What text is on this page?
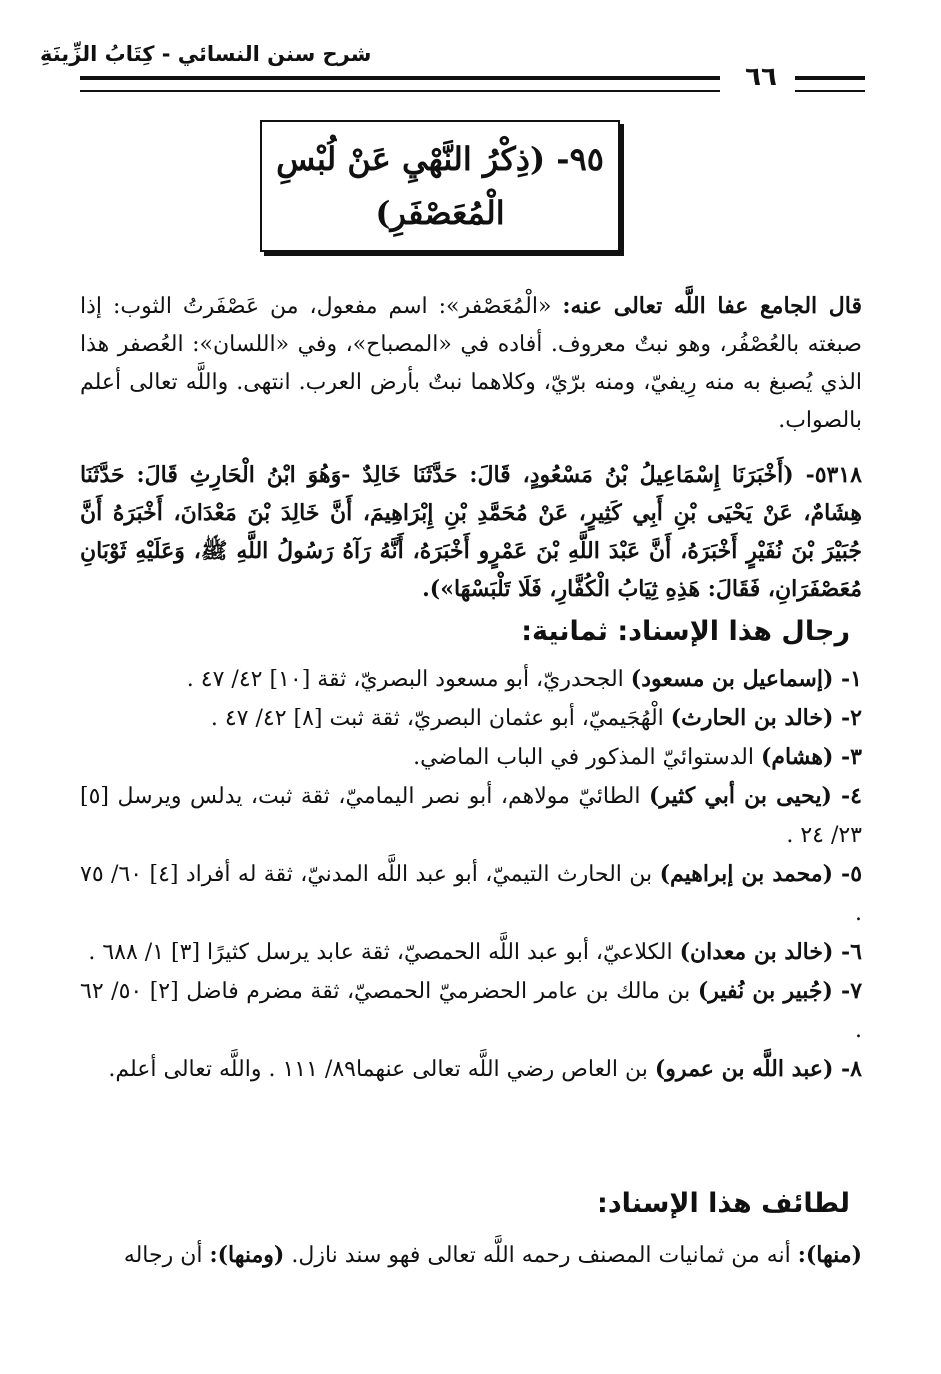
شرح سنن النسائي - كِتَابُ الزِّينَةِ
٦٦
٩٥- (ذِكْرُ النَّهْيِ عَنْ لُبْسِ
الْمُعَصْفَرِ)
قال الجامع عفا اللَّه تعالى عنه: «الْمُعَصْفر»: اسم مفعول، من عَصْفَرتُ الثوب: إذا صبغته بالعُصْفُر، وهو نبتٌ معروف. أفاده في «المصباح»، وفي «اللسان»: العُصفر هذا الذي يُصبغ به منه رِيفيّ، ومنه برّيّ، وكلاهما نبتٌ بأرض العرب. انتهى. واللَّه تعالى أعلم بالصواب.
٥٣١٨- (أَخْبَرَنَا إِسْمَاعِيلُ بْنُ مَسْعُودٍ، قَالَ: حَدَّثَنَا خَالِدٌ -وَهُوَ ابْنُ الْحَارِثِ قَالَ: حَدَّثَنَا هِشَامٌ، عَنْ يَحْيَى بْنِ أَبِي كَثِيرٍ، عَنْ مُحَمَّدِ بْنِ إِبْرَاهِيمَ، أَنَّ خَالِدَ بْنَ مَعْدَانَ، أَخْبَرَهُ أَنَّ جُبَيْرَ بْنَ نُفَيْرٍ أَخْبَرَهُ، أَنَّ عَبْدَ اللَّهِ بْنَ عَمْرٍو أَخْبَرَهُ، أَنَّهُ رَآهُ رَسُولُ اللَّهِ ﷺ، وَعَلَيْهِ ثَوْبَانِ مُعَصْفَرَانِ، فَقَالَ: هَذِهِ ثِيَابُ الْكُفَّارِ، فَلَا تَلْبَسْهَا»).
رجال هذا الإسناد: ثمانية:
١- (إسماعيل بن مسعود) الجحدريّ، أبو مسعود البصريّ، ثقة [١٠] ٤٢/ ٤٧ .
٢- (خالد بن الحارث) الْهُجَيميّ، أبو عثمان البصريّ، ثقة ثبت [٨] ٤٢/ ٤٧ .
٣- (هشام) الدستوائيّ المذكور في الباب الماضي.
٤- (يحيى بن أبي كثير) الطائيّ مولاهم، أبو نصر اليماميّ، ثقة ثبت، يدلس ويرسل [٥] ٢٣/ ٢٤ .
٥- (محمد بن إبراهيم) بن الحارث التيميّ، أبو عبد اللَّه المدنيّ، ثقة له أفراد [٤] ٦٠/ ٧٥ .
٦- (خالد بن معدان) الكلاعيّ، أبو عبد اللَّه الحمصيّ، ثقة عابد يرسل كثيرًا [٣] ١/ ٦٨٨ .
٧- (جُبير بن نُفير) بن مالك بن عامر الحضرميّ الحمصيّ، ثقة مضرم فاضل [٢] ٥٠/ ٦٢ .
٨- (عبد اللَّه بن عمرو) بن العاص رضي اللَّه تعالى عنهما٨٩/ ١١١ . واللَّه تعالى أعلم.
لطائف هذا الإسناد:
(منها): أنه من ثمانيات المصنف رحمه اللَّه تعالى فهو سند نازل. (ومنها): أن رجاله
